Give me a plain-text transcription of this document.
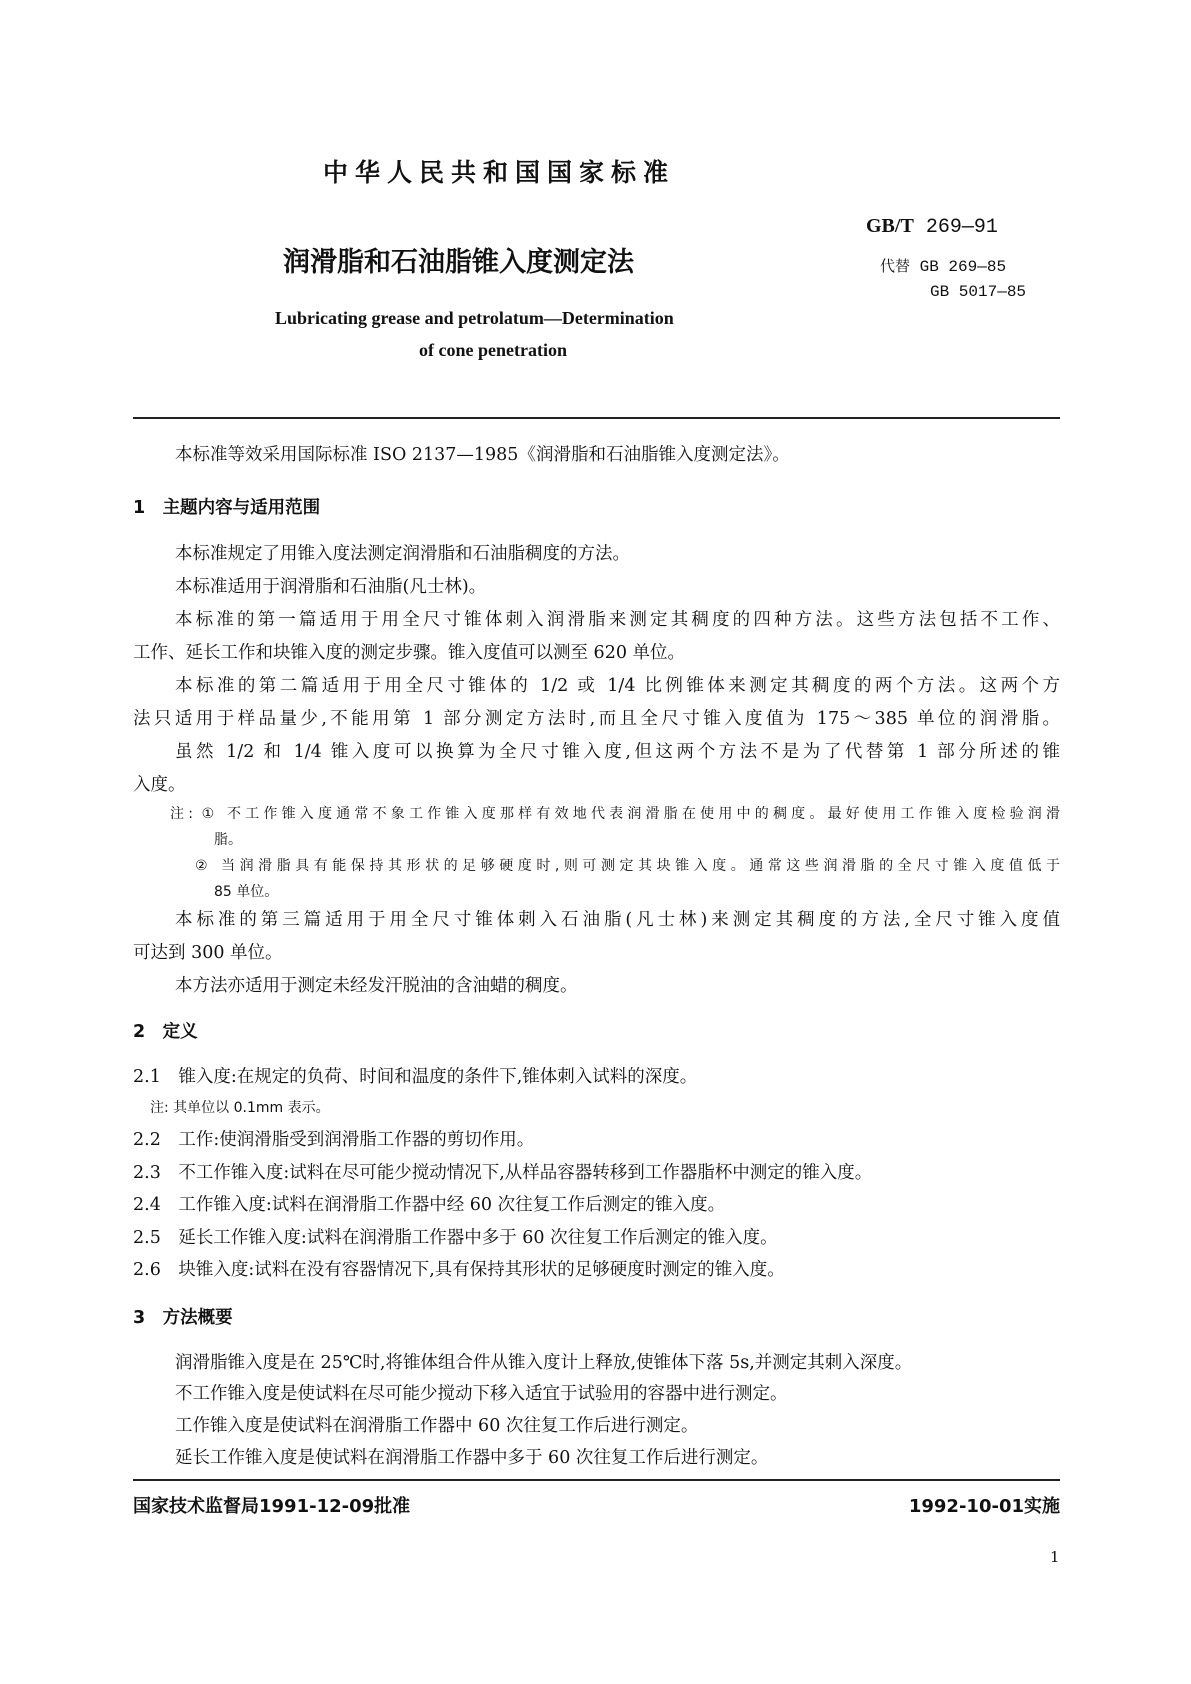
中华人民共和国国家标准
GB/T 269—91
润滑脂和石油脂锥入度测定法	代替 GB 269—85
GB 5017—85
Lubricating grease and petrolatum—Determination
of cone penetration
本标准等效采用国际标准 ISO 2137—1985《润滑脂和石油脂锥入度测定法》。
1　主题内容与适用范围
本标准规定了用锥入度法测定润滑脂和石油脂稠度的方法。
本标准适用于润滑脂和石油脂(凡士林)。
本标准的第一篇适用于用全尺寸锥体刺入润滑脂来测定其稠度的四种方法。这些方法包括不工作、
工作、延长工作和块锥入度的测定步骤。锥入度值可以测至 620 单位。
本标准的第二篇适用于用全尺寸锥体的 1/2 或 1/4 比例锥体来测定其稠度的两个方法。这两个方
法只适用于样品量少,不能用第 1 部分测定方法时,而且全尺寸锥入度值为 175～385 单位的润滑脂。
虽然 1/2 和 1/4 锥入度可以换算为全尺寸锥入度,但这两个方法不是为了代替第 1 部分所述的锥
入度。
注: ① 不工作锥入度通常不象工作锥入度那样有效地代表润滑脂在使用中的稠度。最好使用工作锥入度检验润滑
脂。
② 当润滑脂具有能保持其形状的足够硬度时,则可测定其块锥入度。通常这些润滑脂的全尺寸锥入度值低于
85 单位。
本标准的第三篇适用于用全尺寸锥体刺入石油脂(凡士林)来测定其稠度的方法,全尺寸锥入度值
可达到 300 单位。
本方法亦适用于测定未经发汗脱油的含油蜡的稠度。
2　定义
2.1　 锥入度:在规定的负荷、时间和温度的条件下,锥体刺入试料的深度。
注: 其单位以 0.1mm 表示。
2.2　 工作:使润滑脂受到润滑脂工作器的剪切作用。
2.3　 不工作锥入度:试料在尽可能少搅动情况下,从样品容器转移到工作器脂杯中测定的锥入度。
2.4　 工作锥入度:试料在润滑脂工作器中经 60 次往复工作后测定的锥入度。
2.5　 延长工作锥入度:试料在润滑脂工作器中多于 60 次往复工作后测定的锥入度。
2.6　 块锥入度:试料在没有容器情况下,具有保持其形状的足够硬度时测定的锥入度。
3　方法概要
润滑脂锥入度是在 25℃时,将锥体组合件从锥入度计上释放,使锥体下落 5s,并测定其刺入深度。
不工作锥入度是使试料在尽可能少搅动下移入适宜于试验用的容器中进行测定。
工作锥入度是使试料在润滑脂工作器中 60 次往复工作后进行测定。
延长工作锥入度是使试料在润滑脂工作器中多于 60 次往复工作后进行测定。
国家技术监督局1991-12-09批准	1992-10-01实施
1
